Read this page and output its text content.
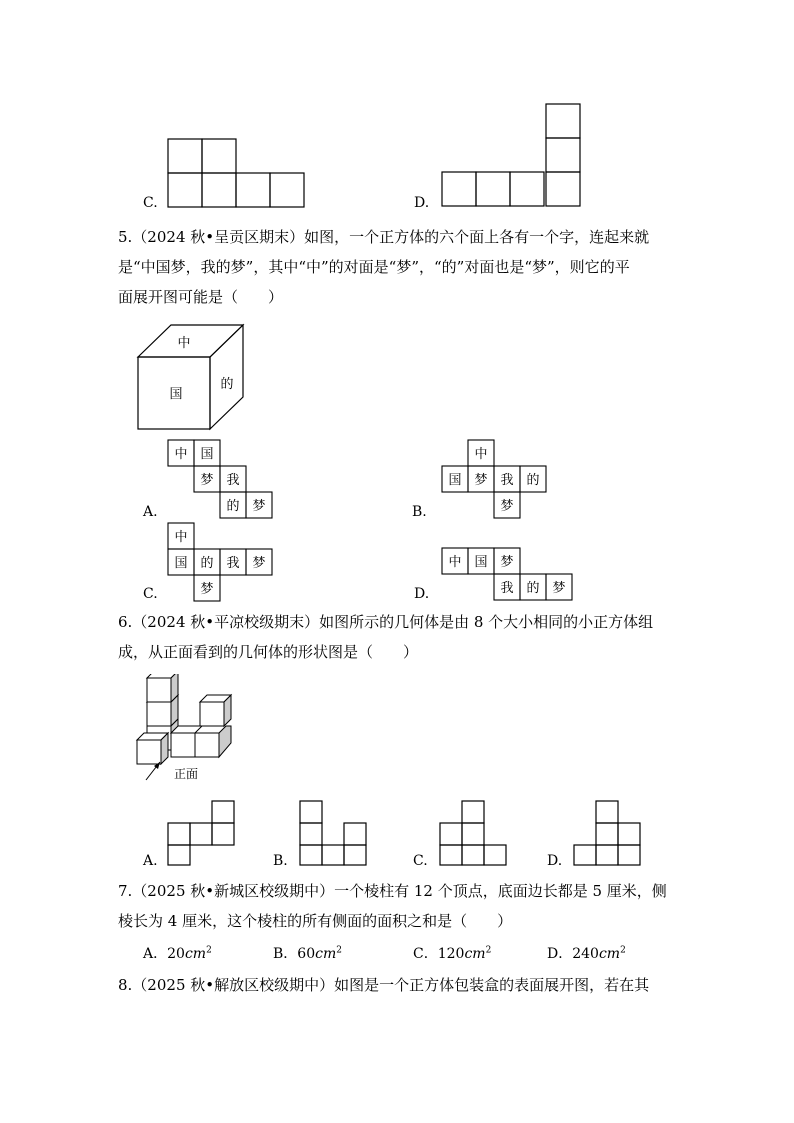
C.	D.

5.（2024 秋•呈贡区期末）如图，一个正方体的六个面上各有一个字，连起来就

是“中国梦，我的梦”，其中“中”的对面是“梦”，“的”对面也是“梦”，则它的平

面展开图可能是（　　）

中
国
的
中 国
梦 我
的 梦
A.
中
国 梦 我 的
梦
B.
中
国 的 我 梦
梦
C.
中 国 梦
我 的 梦
D.

6.（2024 秋•平凉校级期末）如图所示的几何体是由 8 个大小相同的小正方体组

成，从正面看到的几何体的形状图是（　　）

正面
A.	B.	C.	D.

7.（2025 秋•新城区校级期中）一个棱柱有 12 个顶点，底面边长都是 5 厘米，侧

棱长为 4 厘米，这个棱柱的所有侧面的面积之和是（　　）

A．$20cm^2$	B．$60cm^2$	C．$120cm^2$	D．$240cm^2$

8.（2025 秋•解放区校级期中）如图是一个正方体包装盒的表面展开图，若在其
